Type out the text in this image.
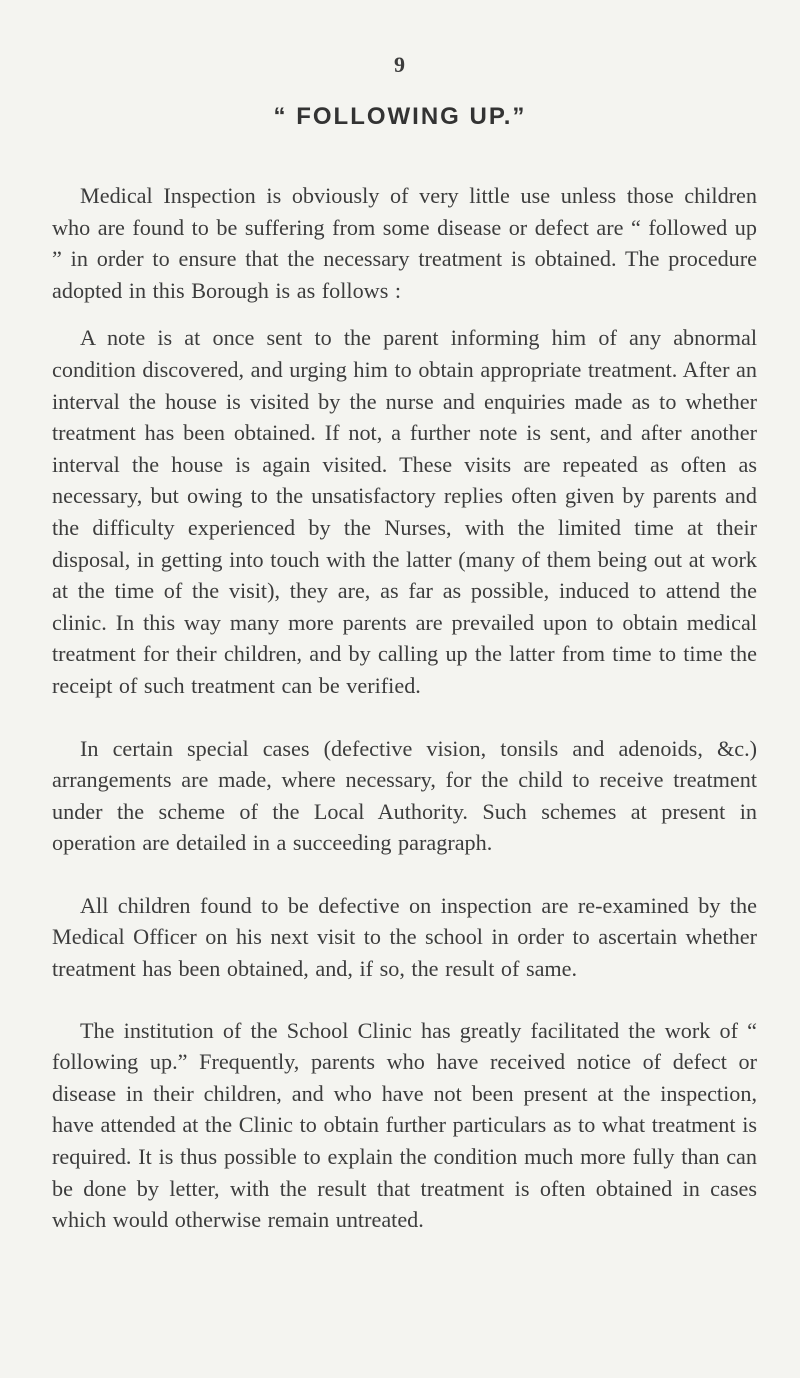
9
“ FOLLOWING UP.”

Medical Inspection is obviously of very little use unless those children who are found to be suffering from some disease or defect are “ followed up ” in order to ensure that the necessary treatment is obtained. The procedure adopted in this Borough is as follows :

A note is at once sent to the parent informing him of any abnormal condition discovered, and urging him to obtain appropriate treatment. After an interval the house is visited by the nurse and enquiries made as to whether treatment has been obtained. If not, a further note is sent, and after another interval the house is again visited. These visits are repeated as often as necessary, but owing to the unsatisfactory replies often given by parents and the difficulty experienced by the Nurses, with the limited time at their disposal, in getting into touch with the latter (many of them being out at work at the time of the visit), they are, as far as possible, induced to attend the clinic. In this way many more parents are prevailed upon to obtain medical treatment for their children, and by calling up the latter from time to time the receipt of such treatment can be verified.

In certain special cases (defective vision, tonsils and adenoids, &c.) arrangements are made, where necessary, for the child to receive treatment under the scheme of the Local Authority. Such schemes at present in operation are detailed in a succeeding paragraph.

All children found to be defective on inspection are re-examined by the Medical Officer on his next visit to the school in order to ascertain whether treatment has been obtained, and, if so, the result of same.

The institution of the School Clinic has greatly facilitated the work of “ following up.” Frequently, parents who have received notice of defect or disease in their children, and who have not been present at the inspection, have attended at the Clinic to obtain further particulars as to what treatment is required. It is thus possible to explain the condition much more fully than can be done by letter, with the result that treatment is often obtained in cases which would otherwise remain untreated.
